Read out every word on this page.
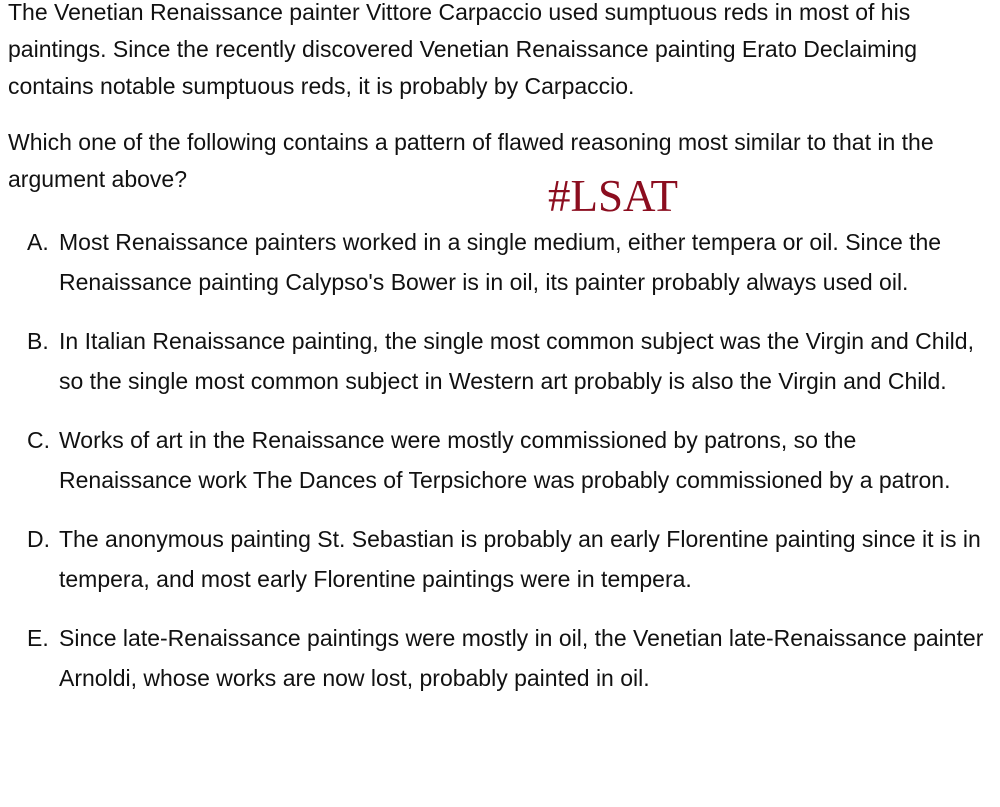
The Venetian Renaissance painter Vittore Carpaccio used sumptuous reds in most of his paintings. Since the recently discovered Venetian Renaissance painting Erato Declaiming contains notable sumptuous reds, it is probably by Carpaccio.

Which one of the following contains a pattern of flawed reasoning most similar to that in the argument above?	#LSAT
A. Most Renaissance painters worked in a single medium, either tempera or oil. Since the Renaissance painting Calypso's Bower is in oil, its painter probably always used oil.
B. In Italian Renaissance painting, the single most common subject was the Virgin and Child, so the single most common subject in Western art probably is also the Virgin and Child.
C. Works of art in the Renaissance were mostly commissioned by patrons, so the Renaissance work The Dances of Terpsichore was probably commissioned by a patron.
D. The anonymous painting St. Sebastian is probably an early Florentine painting since it is in tempera, and most early Florentine paintings were in tempera.
E. Since late-Renaissance paintings were mostly in oil, the Venetian late-Renaissance painter Arnoldi, whose works are now lost, probably painted in oil.
